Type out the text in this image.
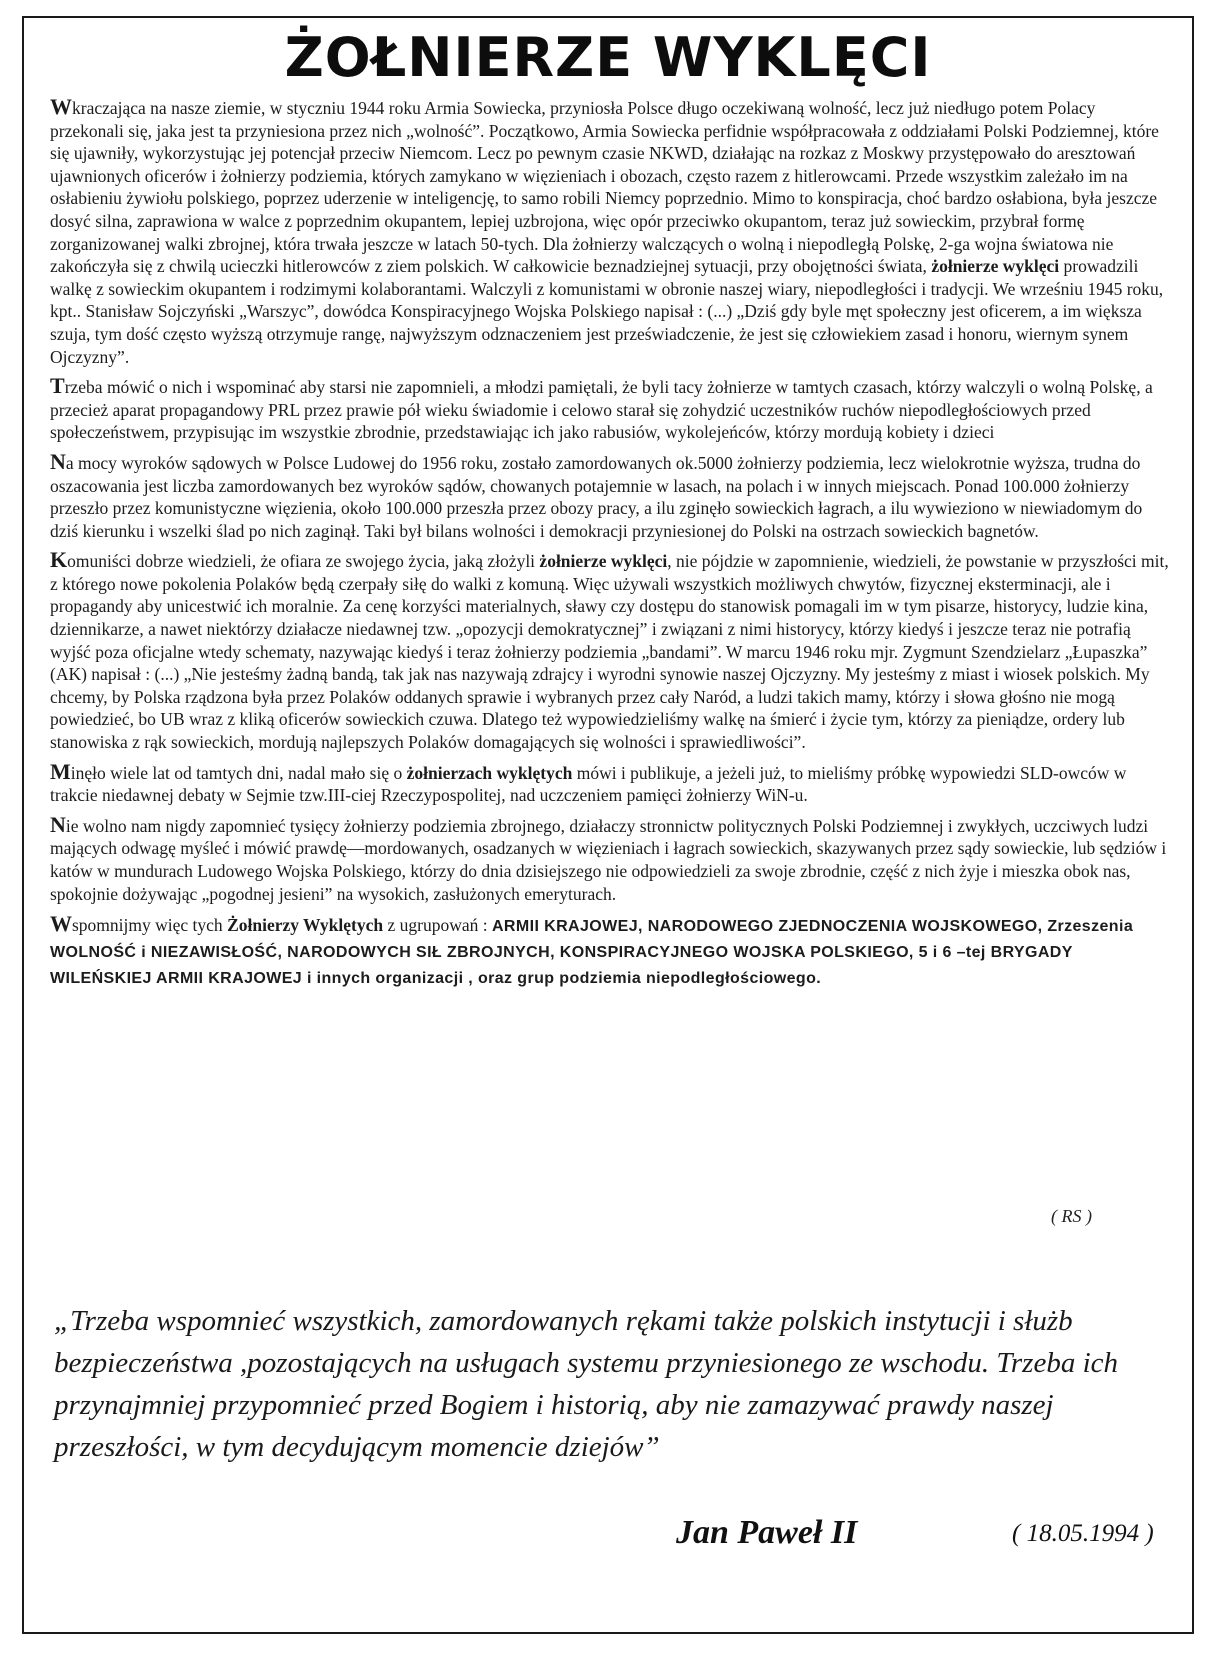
ŻOŁNIERZE WYKLĘCI

Wkraczająca na nasze ziemie, w styczniu 1944 roku Armia Sowiecka, przyniosła Polsce długo oczekiwaną wolność, lecz już niedługo potem Polacy przekonali się, jaka jest ta przyniesiona przez nich „wolność”. Początkowo, Armia Sowiecka perfidnie współpracowała z oddziałami Polski Podziemnej, które się ujawniły, wykorzystując jej potencjał przeciw Niemcom. Lecz po pewnym czasie NKWD, działając na rozkaz z Moskwy przystępowało do aresztowań ujawnionych oficerów i żołnierzy podziemia, których zamykano w więzieniach i obozach, często razem z hitlerowcami. Przede wszystkim zależało im na osłabieniu żywiołu polskiego, poprzez uderzenie w inteligencję, to samo robili Niemcy poprzednio. Mimo to konspiracja, choć bardzo osłabiona, była jeszcze dosyć silna, zaprawiona w walce z poprzednim okupantem, lepiej uzbrojona, więc opór przeciwko okupantom, teraz już sowieckim, przybrał formę zorganizowanej walki zbrojnej, która trwała jeszcze w latach 50-tych. Dla żołnierzy walczących o wolną i niepodległą Polskę, 2-ga wojna światowa nie zakończyła się z chwilą ucieczki hitlerowców z ziem polskich. W całkowicie beznadziejnej sytuacji, przy obojętności świata, żołnierze wyklęci prowadzili walkę z sowieckim okupantem i rodzimymi kolaborantami. Walczyli z komunistami w obronie naszej wiary, niepodległości i tradycji. We wrześniu 1945 roku, kpt.. Stanisław Sojczyński „Warszyc”, dowódca Konspiracyjnego Wojska Polskiego napisał : (...) „Dziś gdy byle męt społeczny jest oficerem, a im większa szuja, tym dość często wyższą otrzymuje rangę, najwyższym odznaczeniem jest przeświadczenie, że jest się człowiekiem zasad i honoru, wiernym synem Ojczyzny”.

Trzeba mówić o nich i wspominać aby starsi nie zapomnieli, a młodzi pamiętali, że byli tacy żołnierze w tamtych czasach, którzy walczyli o wolną Polskę, a przecież aparat propagandowy PRL przez prawie pół wieku świadomie i celowo starał się zohydzić uczestników ruchów niepodległościowych przed społeczeństwem, przypisując im wszystkie zbrodnie, przedstawiając ich jako rabusiów, wykolejeńców, którzy mordują kobiety i dzieci

Na mocy wyroków sądowych w Polsce Ludowej do 1956 roku, zostało zamordowanych ok.5000 żołnierzy podziemia, lecz wielokrotnie wyższa, trudna do oszacowania jest liczba zamordowanych bez wyroków sądów, chowanych potajemnie w lasach, na polach i w innych miejscach. Ponad 100.000 żołnierzy przeszło przez komunistyczne więzienia, około 100.000 przeszła przez obozy pracy, a ilu zginęło sowieckich łagrach, a ilu wywieziono w niewiadomym do dziś kierunku i wszelki ślad po nich zaginął. Taki był bilans wolności i demokracji przyniesionej do Polski na ostrzach sowieckich bagnetów.

Komuniści dobrze wiedzieli, że ofiara ze swojego życia, jaką złożyli żołnierze wyklęci, nie pójdzie w zapomnienie, wiedzieli, że powstanie w przyszłości mit, z którego nowe pokolenia Polaków będą czerpały siłę do walki z komuną. Więc używali wszystkich możliwych chwytów, fizycznej eksterminacji, ale i propagandy aby unicestwić ich moralnie. Za cenę korzyści materialnych, sławy czy dostępu do stanowisk pomagali im w tym pisarze, historycy, ludzie kina, dziennikarze, a nawet niektórzy działacze niedawnej tzw. „opozycji demokratycznej” i związani z nimi historycy, którzy kiedyś i jeszcze teraz nie potrafią wyjść poza oficjalne wtedy schematy, nazywając kiedyś i teraz żołnierzy podziemia „bandami”. W marcu 1946 roku mjr. Zygmunt Szendzielarz „Łupaszka” (AK) napisał : (...) „Nie jesteśmy żadną bandą, tak jak nas nazywają zdrajcy i wyrodni synowie naszej Ojczyzny. My jesteśmy z miast i wiosek polskich. My chcemy, by Polska rządzona była przez Polaków oddanych sprawie i wybranych przez cały Naród, a ludzi takich mamy, którzy i słowa głośno nie mogą powiedzieć, bo UB wraz z kliką oficerów sowieckich czuwa. Dlatego też wypowiedzieliśmy walkę na śmierć i życie tym, którzy za pieniądze, ordery lub stanowiska z rąk sowieckich, mordują najlepszych Polaków domagających się wolności i sprawiedliwości”.

Minęło wiele lat od tamtych dni, nadal mało się o żołnierzach wyklętych mówi i publikuje, a jeżeli już, to mieliśmy próbkę wypowiedzi SLD-owców w trakcie niedawnej debaty w Sejmie tzw.III-ciej Rzeczypospolitej, nad uczczeniem pamięci żołnierzy WiN-u.

Nie wolno nam nigdy zapomnieć tysięcy żołnierzy podziemia zbrojnego, działaczy stronnictw politycznych Polski Podziemnej i zwykłych, uczciwych ludzi mających odwagę myśleć i mówić prawdę—mordowanych, osadzanych w więzieniach i łagrach sowieckich, skazywanych przez sądy sowieckie, lub sędziów i katów w mundurach Ludowego Wojska Polskiego, którzy do dnia dzisiejszego nie odpowiedzieli za swoje zbrodnie, część z nich żyje i mieszka obok nas, spokojnie dożywając „pogodnej jesieni” na wysokich, zasłużonych emeryturach.

Wspomnijmy więc tych Żołnierzy Wyklętych z ugrupowań : ARMII KRAJOWEJ, NARODOWEGO ZJEDNOCZENIA WOJSKOWEGO, Zrzeszenia WOLNOŚĆ i NIEZAWISŁOŚĆ, NARODOWYCH SIŁ ZBROJNYCH, KONSPIRACYJNEGO WOJSKA POLSKIEGO, 5 i 6 –tej BRYGADY WILEŃSKIEJ ARMII KRAJOWEJ i innych organizacji , oraz grup podziemia niepodległościowego.

( RS )

„Trzeba wspomnieć wszystkich, zamordowanych rękami także polskich instytucji i służb bezpieczeństwa ,pozostających na usługach systemu przyniesionego ze wschodu. Trzeba ich przynajmniej przypomnieć przed Bogiem i historią, aby nie zamazywać prawdy naszej przeszłości, w tym decydującym momencie dziejów”

Jan Paweł II	( 18.05.1994 )
